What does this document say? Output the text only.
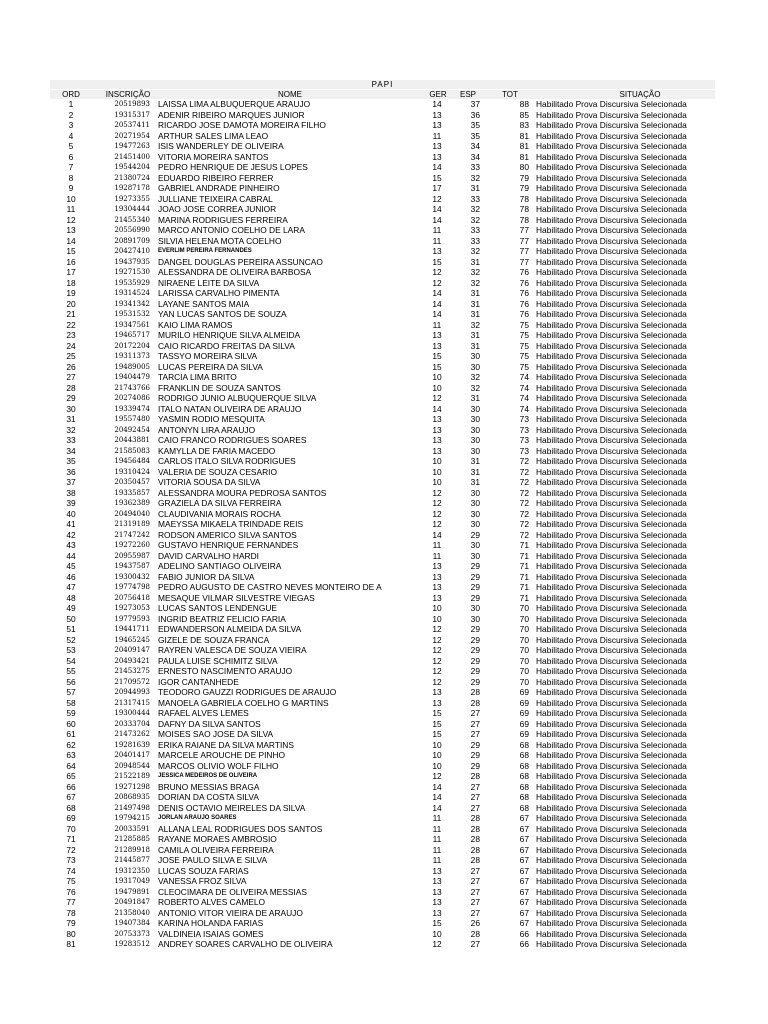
PAPI
ORD	INSCRIÇÃO	NOME	GER	ESP	TOT	SITUAÇÃO
1	20519893 LAISSA LIMA ALBUQUERQUE ARAUJO	14	37	88 Habilitado Prova Discursiva Selecionada
2	19315317 ADENIR RIBEIRO MARQUES JUNIOR	13	36	85 Habilitado Prova Discursiva Selecionada
3	20537411 RICARDO JOSE DAMOTA MOREIRA FILHO	13	35	83 Habilitado Prova Discursiva Selecionada
4	20271954 ARTHUR SALES LIMA LEAO	11	35	81 Habilitado Prova Discursiva Selecionada
5	19477263 ISIS WANDERLEY DE OLIVEIRA	13	34	81 Habilitado Prova Discursiva Selecionada
6	21451400 VITORIA MOREIRA SANTOS	13	34	81 Habilitado Prova Discursiva Selecionada
7	19544204 PEDRO HENRIQUE DE JESUS LOPES	14	33	80 Habilitado Prova Discursiva Selecionada
8	21380724 EDUARDO RIBEIRO FERRER	15	32	79 Habilitado Prova Discursiva Selecionada
9	19287178 GABRIEL ANDRADE PINHEIRO	17	31	79 Habilitado Prova Discursiva Selecionada
10	19273355 JULLIANE TEIXEIRA CABRAL	12	33	78 Habilitado Prova Discursiva Selecionada
11	19304444 JOAO JOSE CORREA JUNIOR	14	32	78 Habilitado Prova Discursiva Selecionada
12	21455340 MARINA RODRIGUES FERREIRA	14	32	78 Habilitado Prova Discursiva Selecionada
13	20556990 MARCO ANTONIO COELHO DE LARA	11	33	77 Habilitado Prova Discursiva Selecionada
14	20891709 SILVIA HELENA MOTA COELHO	11	33	77 Habilitado Prova Discursiva Selecionada
15	20427410 EVERLIM PEREIRA FERNANDES	13	32	77 Habilitado Prova Discursiva Selecionada
16	19437935 DANGEL DOUGLAS PEREIRA ASSUNCAO	15	31	77 Habilitado Prova Discursiva Selecionada
17	19271530 ALESSANDRA DE OLIVEIRA BARBOSA	12	32	76 Habilitado Prova Discursiva Selecionada
18	19535929 NIRAENE LEITE DA SILVA	12	32	76 Habilitado Prova Discursiva Selecionada
19	19314524 LARISSA CARVALHO PIMENTA	14	31	76 Habilitado Prova Discursiva Selecionada
20	19341342 LAYANE SANTOS MAIA	14	31	76 Habilitado Prova Discursiva Selecionada
21	19531532 YAN LUCAS SANTOS DE SOUZA	14	31	76 Habilitado Prova Discursiva Selecionada
22	19347561 KAIO LIMA RAMOS	11	32	75 Habilitado Prova Discursiva Selecionada
23	19465717 MURILO HENRIQUE SILVA ALMEIDA	13	31	75 Habilitado Prova Discursiva Selecionada
24	20172204 CAIO RICARDO FREITAS DA SILVA	13	31	75 Habilitado Prova Discursiva Selecionada
25	19311373 TASSYO MOREIRA SILVA	15	30	75 Habilitado Prova Discursiva Selecionada
26	19489005 LUCAS PEREIRA DA SILVA	15	30	75 Habilitado Prova Discursiva Selecionada
27	19404479 TARCIA LIMA BRITO	10	32	74 Habilitado Prova Discursiva Selecionada
28	21743766 FRANKLIN DE SOUZA SANTOS	10	32	74 Habilitado Prova Discursiva Selecionada
29	20274086 RODRIGO JUNIO ALBUQUERQUE SILVA	12	31	74 Habilitado Prova Discursiva Selecionada
30	19339474 ITALO NATAN OLIVEIRA DE ARAUJO	14	30	74 Habilitado Prova Discursiva Selecionada
31	19557480 YASMIN RODIO MESQUITA	13	30	73 Habilitado Prova Discursiva Selecionada
32	20492454 ANTONYN LIRA ARAUJO	13	30	73 Habilitado Prova Discursiva Selecionada
33	20443881 CAIO FRANCO RODRIGUES SOARES	13	30	73 Habilitado Prova Discursiva Selecionada
34	21585083 KAMYLLA DE FARIA MACEDO	13	30	73 Habilitado Prova Discursiva Selecionada
35	19456484 CARLOS ITALO SILVA RODRIGUES	10	31	72 Habilitado Prova Discursiva Selecionada
36	19310424 VALERIA DE SOUZA CESARIO	10	31	72 Habilitado Prova Discursiva Selecionada
37	20350457 VITORIA SOUSA DA SILVA	10	31	72 Habilitado Prova Discursiva Selecionada
38	19335857 ALESSANDRA MOURA PEDROSA SANTOS	12	30	72 Habilitado Prova Discursiva Selecionada
39	19362389 GRAZIELA DA SILVA FERREIRA	12	30	72 Habilitado Prova Discursiva Selecionada
40	20494040 CLAUDIVANIA MORAIS ROCHA	12	30	72 Habilitado Prova Discursiva Selecionada
41	21319189 MAEYSSA MIKAELA TRINDADE REIS	12	30	72 Habilitado Prova Discursiva Selecionada
42	21747242 RODSON AMERICO SILVA SANTOS	14	29	72 Habilitado Prova Discursiva Selecionada
43	19272260 GUSTAVO HENRIQUE FERNANDES	11	30	71 Habilitado Prova Discursiva Selecionada
44	20955987 DAVID CARVALHO HARDI	11	30	71 Habilitado Prova Discursiva Selecionada
45	19437587 ADELINO SANTIAGO OLIVEIRA	13	29	71 Habilitado Prova Discursiva Selecionada
46	19300432 FABIO JUNIOR DA SILVA	13	29	71 Habilitado Prova Discursiva Selecionada
47	19774798 PEDRO AUGUSTO DE CASTRO NEVES MONTEIRO DE A	13	29	71 Habilitado Prova Discursiva Selecionada
48	20756418 MESAQUE VILMAR SILVESTRE VIEGAS	13	29	71 Habilitado Prova Discursiva Selecionada
49	19273053 LUCAS SANTOS LENDENGUE	10	30	70 Habilitado Prova Discursiva Selecionada
50	19779593 INGRID BEATRIZ FELICIO FARIA	10	30	70 Habilitado Prova Discursiva Selecionada
51	19441711 EDWANDERSON ALMEIDA DA SILVA	12	29	70 Habilitado Prova Discursiva Selecionada
52	19465245 GIZELE DE SOUZA FRANCA	12	29	70 Habilitado Prova Discursiva Selecionada
53	20409147 RAYREN VALESCA DE SOUZA VIEIRA	12	29	70 Habilitado Prova Discursiva Selecionada
54	20493421 PAULA LUISE SCHIMITZ SILVA	12	29	70 Habilitado Prova Discursiva Selecionada
55	21453275 ERNESTO NASCIMENTO ARAUJO	12	29	70 Habilitado Prova Discursiva Selecionada
56	21709572 IGOR CANTANHEDE	12	29	70 Habilitado Prova Discursiva Selecionada
57	20944993 TEODORO GAUZZI RODRIGUES DE ARAUJO	13	28	69 Habilitado Prova Discursiva Selecionada
58	21317415 MANOELA GABRIELA COELHO G MARTINS	13	28	69 Habilitado Prova Discursiva Selecionada
59	19300444 RAFAEL ALVES LEMES	15	27	69 Habilitado Prova Discursiva Selecionada
60	20333704 DAFNY DA SILVA SANTOS	15	27	69 Habilitado Prova Discursiva Selecionada
61	21473262 MOISES SAO JOSE DA SILVA	15	27	69 Habilitado Prova Discursiva Selecionada
62	19281639 ERIKA RAIANE DA SILVA MARTINS	10	29	68 Habilitado Prova Discursiva Selecionada
63	20401417 MARCELE AROUCHE DE PINHO	10	29	68 Habilitado Prova Discursiva Selecionada
64	20948544 MARCOS OLIVIO WOLF FILHO	10	29	68 Habilitado Prova Discursiva Selecionada
65	21522189 JESSICA MEDEIROS DE OLIVEIRA	12	28	68 Habilitado Prova Discursiva Selecionada
66	19271298 BRUNO MESSIAS BRAGA	14	27	68 Habilitado Prova Discursiva Selecionada
67	20868935 DORIAN DA COSTA SILVA	14	27	68 Habilitado Prova Discursiva Selecionada
68	21497498 DENIS OCTAVIO MEIRELES DA SILVA	14	27	68 Habilitado Prova Discursiva Selecionada
69	19794215 JORLAN ARAUJO SOARES	11	28	67 Habilitado Prova Discursiva Selecionada
70	20033591 ALLANA LEAL RODRIGUES DOS SANTOS	11	28	67 Habilitado Prova Discursiva Selecionada
71	21285885 RAYANE MORAES AMBROSIO	11	28	67 Habilitado Prova Discursiva Selecionada
72	21289918 CAMILA OLIVEIRA FERREIRA	11	28	67 Habilitado Prova Discursiva Selecionada
73	21445877 JOSE PAULO SILVA E SILVA	11	28	67 Habilitado Prova Discursiva Selecionada
74	19312350 LUCAS SOUZA FARIAS	13	27	67 Habilitado Prova Discursiva Selecionada
75	19317049 VANESSA FROZ SILVA	13	27	67 Habilitado Prova Discursiva Selecionada
76	19479891 CLEOCIMARA DE OLIVEIRA MESSIAS	13	27	67 Habilitado Prova Discursiva Selecionada
77	20491847 ROBERTO ALVES CAMELO	13	27	67 Habilitado Prova Discursiva Selecionada
78	21358040 ANTONIO VITOR VIEIRA DE ARAUJO	13	27	67 Habilitado Prova Discursiva Selecionada
79	19407384 KARINA HOLANDA FARIAS	15	26	67 Habilitado Prova Discursiva Selecionada
80	20753373 VALDINEIA ISAIAS GOMES	10	28	66 Habilitado Prova Discursiva Selecionada
81	19283512 ANDREY SOARES CARVALHO DE OLIVEIRA	12	27	66 Habilitado Prova Discursiva Selecionada
